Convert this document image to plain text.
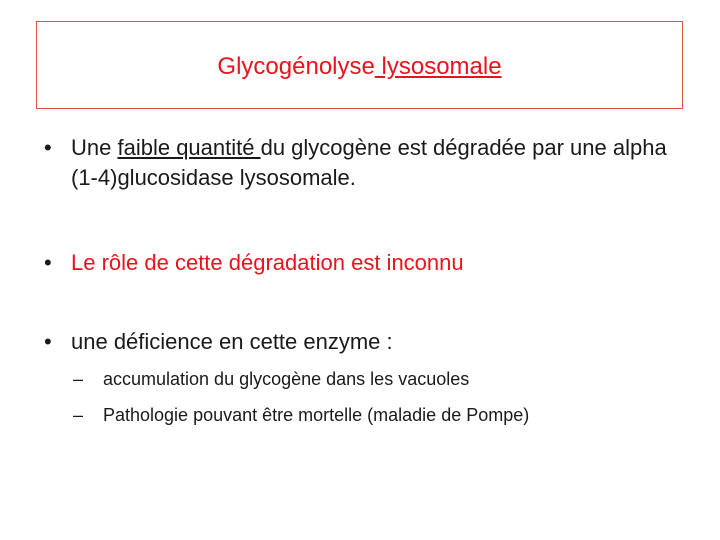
Glycogénolyse lysosomale
• Une faible quantité du glycogène est dégradée par une alpha (1-4)glucosidase lysosomale.
• Le rôle de cette dégradation est inconnu
• une déficience en cette enzyme :
– accumulation du glycogène dans les vacuoles
– Pathologie pouvant être mortelle (maladie de Pompe)
